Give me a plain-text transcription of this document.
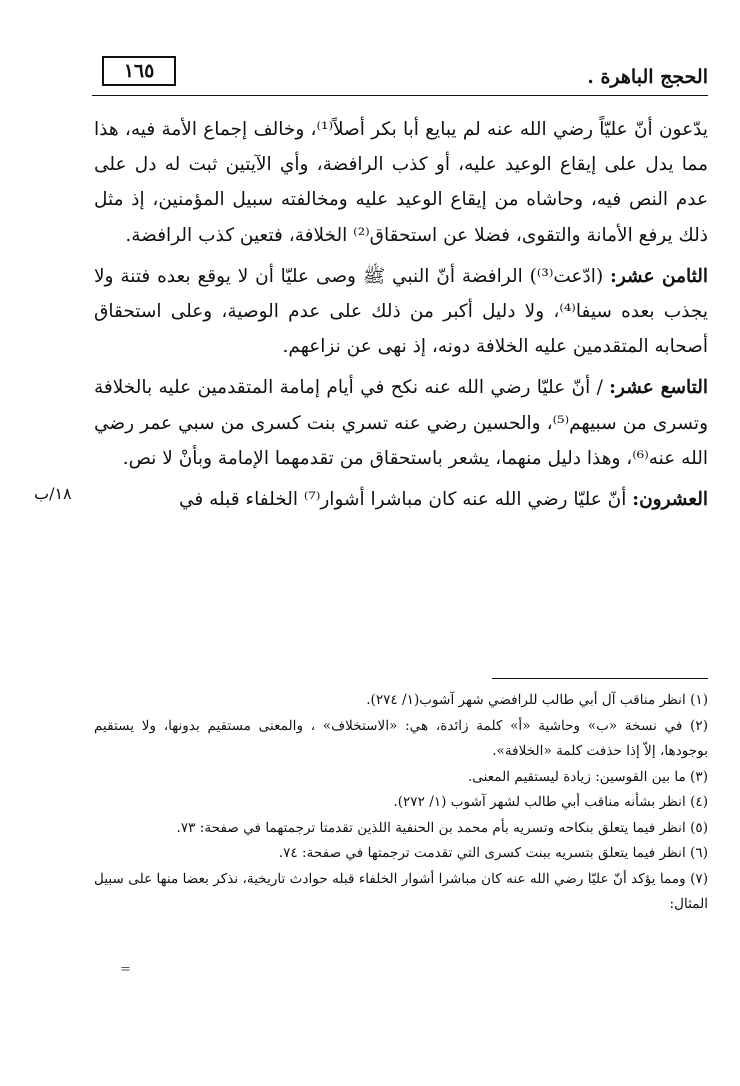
الحجج الباهرة .
١٦٥
١٨/ب

يدّعون أنّ عليّاً رضي الله عنه لم يبايع أبا بكر أصلاً⁽¹⁾، وخالف إجماع الأمة فيه، هذا مما يدل على إيقاع الوعيد عليه، أو كذب الرافضة، وأي الآيتين ثبت له دل على عدم النص فيه، وحاشاه من إيقاع الوعيد عليه ومخالفته سبيل المؤمنين، إذ مثل ذلك يرفع الأمانة والتقوى، فضلا عن استحقاق⁽²⁾ الخلافة، فتعين كذب الرافضة.

الثامن عشر: (ادّعت⁽³⁾) الرافضة أنّ النبي ﷺ وصى عليّا أن لا يوقع بعده فتنة ولا يجذب بعده سيفا⁽⁴⁾، ولا دليل أكبر من ذلك على عدم الوصية، وعلى استحقاق أصحابه المتقدمين عليه الخلافة دونه، إذ نهى عن نزاعهم.

التاسع عشر: / أنّ عليّا رضي الله عنه نكح في أيام إمامة المتقدمين عليه بالخلافة وتسرى من سبيهم⁽⁵⁾، والحسين رضي عنه تسري بنت كسرى من سبي عمر رضي الله عنه⁽⁶⁾، وهذا دليل منهما، يشعر باستحقاق من تقدمهما الإمامة وبأنْ لا نص.

العشرون: أنّ عليّا رضي الله عنه كان مباشرا أشوار⁽⁷⁾ الخلفاء قبله في

(١) انظر مناقب آل أبي طالب للرافضي شهر آشوب(١/ ٢٧٤).

(٢) في نسخة «ب» وحاشية «أ» كلمة زائدة، هي: «الاستخلاف» ، والمعنى مستقيم بدونها، ولا يستقيم بوجودها، إلاّ إذا حذفت كلمة «الخلافة».

(٣) ما بين القوسين: زيادة ليستقيم المعنى.

(٤) انظر بشأنه مناقب أبي طالب لشهر آشوب (١/ ٢٧٢).

(٥) انظر فيما يتعلق بنكاحه وتسريه بأم محمد بن الحنفية اللذين تقدمتا ترجمتهما في صفحة: ٧٣.

(٦) انظر فيما يتعلق بتسريه ببنت كسرى التي تقدمت ترجمتها في صفحة: ٧٤.

(٧) ومما يؤكد أنّ عليّا رضي الله عنه كان مباشرا أشوار الخلفاء قبله حوادث تاريخية، نذكر بعضا منها على سبيل المثال:

=
